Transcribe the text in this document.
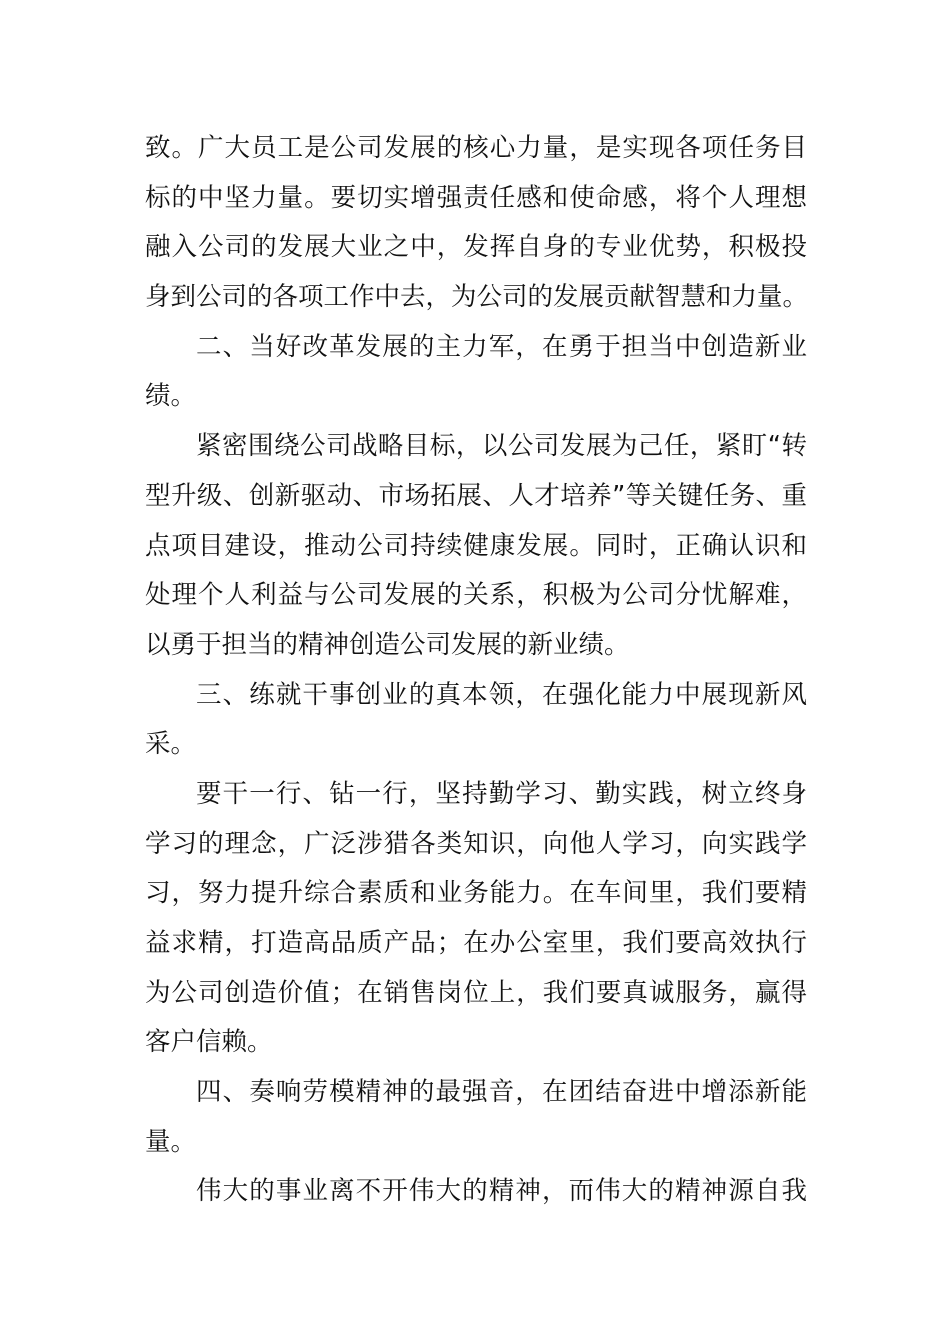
致。广大员工是公司发展的核心力量，是实现各项任务目
标的中坚力量。要切实增强责任感和使命感，将个人理想
融入公司的发展大业之中，发挥自身的专业优势，积极投
身到公司的各项工作中去，为公司的发展贡献智慧和力量。
二、当好改革发展的主力军，在勇于担当中创造新业
绩。
紧密围绕公司战略目标，以公司发展为己任，紧盯“转
型升级、创新驱动、市场拓展、人才培养”等关键任务、重
点项目建设，推动公司持续健康发展。同时，正确认识和
处理个人利益与公司发展的关系，积极为公司分忧解难，
以勇于担当的精神创造公司发展的新业绩。
三、练就干事创业的真本领，在强化能力中展现新风
采。
要干一行、钻一行，坚持勤学习、勤实践，树立终身
学习的理念，广泛涉猎各类知识，向他人学习，向实践学
习，努力提升综合素质和业务能力。在车间里，我们要精
益求精，打造高品质产品；在办公室里，我们要高效执行
为公司创造价值；在销售岗位上，我们要真诚服务，赢得
客户信赖。
四、奏响劳模精神的最强音，在团结奋进中增添新能
量。
伟大的事业离不开伟大的精神，而伟大的精神源自我
